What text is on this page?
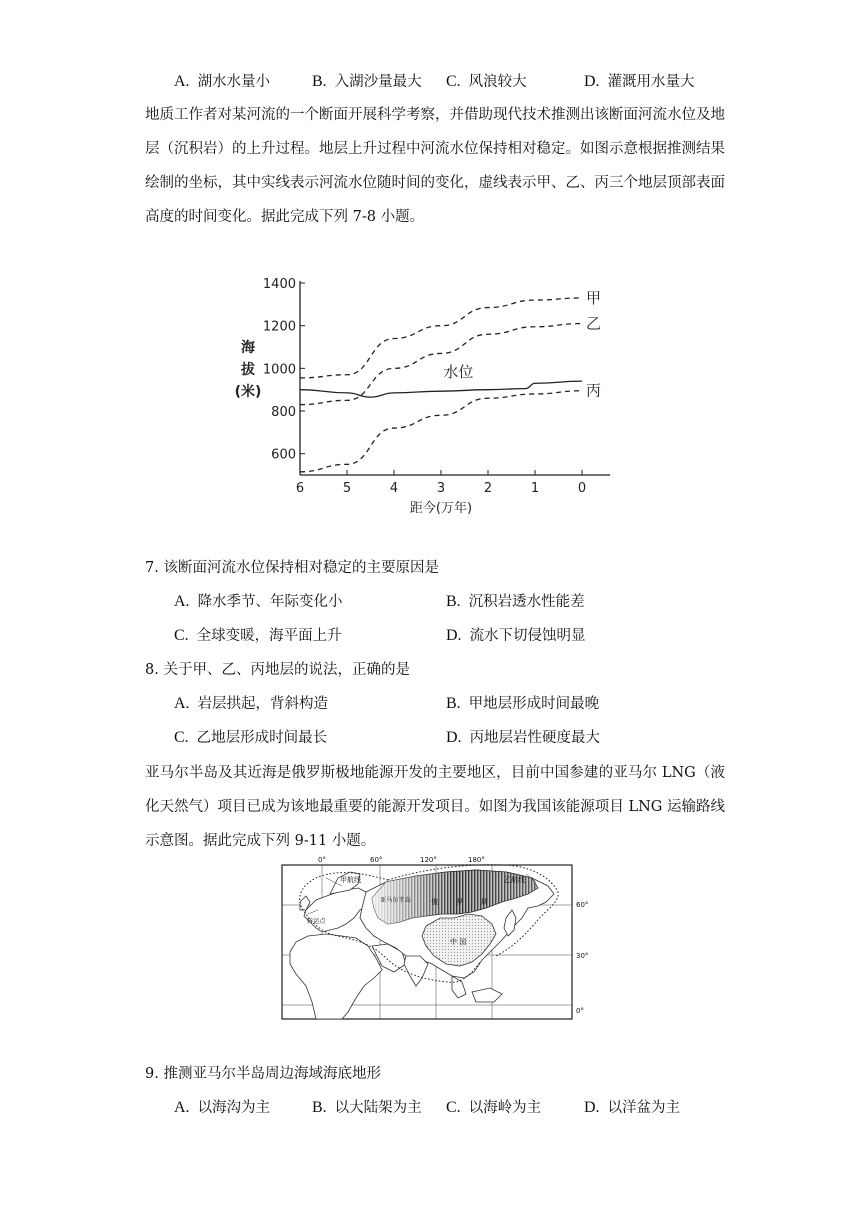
A. 湖水水量小	B. 入湖沙量最大 C. 风浪较大	D. 灌溉用水量大

地质工作者对某河流的一个断面开展科学考察，并借助现代技术推测出该断面河流水位及地层（沉积岩）的上升过程。地层上升过程中河流水位保持相对稳定。如图示意根据推测结果绘制的坐标，其中实线表示河流水位随时间的变化，虚线表示甲、乙、丙三个地层顶部表面高度的时间变化。据此完成下列 7-8 小题。

1400
1200
1000
800
600
6	5	4	3	2	1	0
距今(万年)
海
拔
(米)
甲
乙
丙
水位
7. 该断面河流水位保持相对稳定的主要原因是
A. 降水季节、年际变化小	B. 沉积岩透水性能差
C. 全球变暖，海平面上升	D. 流水下切侵蚀明显
8. 关于甲、乙、丙地层的说法，正确的是
A. 岩层拱起，背斜构造	B. 甲地层形成时间最晚
C. 乙地层形成时间最长	D. 丙地层岩性硬度最大

亚马尔半岛及其近海是俄罗斯极地能源开发的主要地区，目前中国参建的亚马尔 LNG（液化天然气）项目已成为该地最重要的能源开发项目。如图为我国该能源项目 LNG 运输路线示意图。据此完成下列 9-11 小题。

甲航线	乙航线
亚马尔半岛
转运点
俄	罗	斯
中 国
0°	60°	120°	180°
60°
30°
0°
9. 推测亚马尔半岛周边海域海底地形
A. 以海沟为主	B. 以大陆架为主 C. 以海岭为主	D. 以洋盆为主
